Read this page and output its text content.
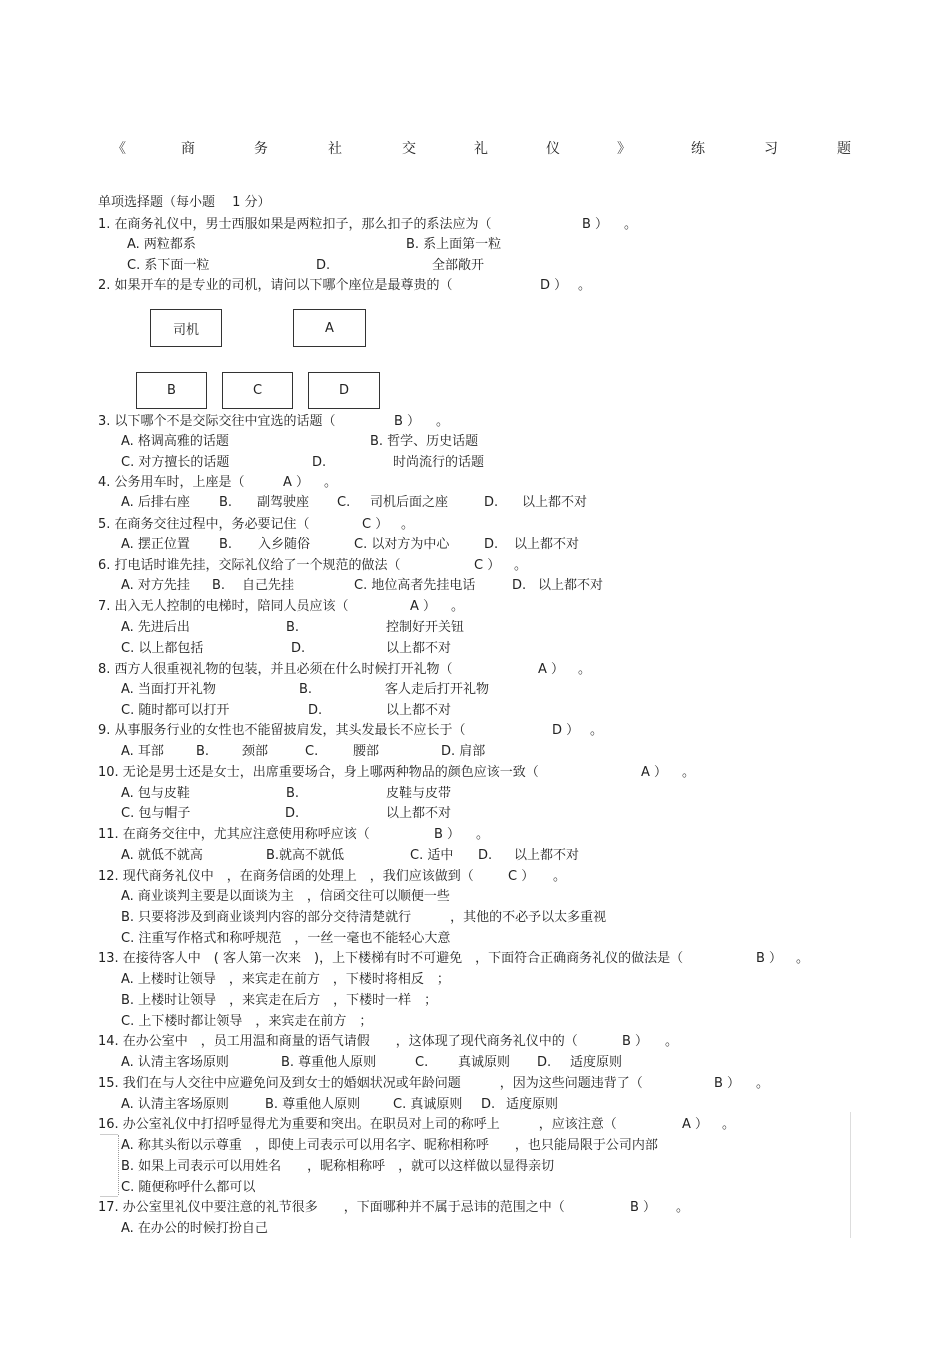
《	商	务	社	交	礼	仪	》	练	习	题
单项选择题（每小题　 1 分）
司机	A
B	C	D
1. 在商务礼仪中，男士西服如果是两粒扣子，那么扣子的系法应为（	B ） 。
A. 两粒都系	B. 系上面第一粒
C. 系下面一粒	D.	全部敞开
2. 如果开车的是专业的司机，请问以下哪个座位是最尊贵的（	D ） 。
3. 以下哪个不是交际交往中宜选的话题（	B ） 。
A. 格调高雅的话题	B. 哲学、历史话题
C. 对方擅长的话题	D.	时尚流行的话题
4. 公务用车时，上座是（	A ） 。
A. 后排右座 B. 副驾驶座 C. 司机后面之座	D. 以上都不对
5. 在商务交往过程中，务必要记住（	C ） 。
A. 摆正位置 B. 入乡随俗	C. 以对方为中心	D. 以上都不对
6. 打电话时谁先挂，交际礼仪给了一个规范的做法（	C ） 。
A. 对方先挂 B. 自己先挂	C. 地位高者先挂电话	D. 以上都不对
7. 出入无人控制的电梯时，陪同人员应该（	A ） 。
A. 先进后出	B.	控制好开关钮
C. 以上都包括	D.	以上都不对
8. 西方人很重视礼物的包装，并且必须在什么时候打开礼物（	A ） 。
A. 当面打开礼物	B.	客人走后打开礼物
C. 随时都可以打开	D.	以上都不对
9. 从事服务行业的女性也不能留披肩发，其头发最长不应长于（	D ） 。
A. 耳部 B.	颈部	C.	腰部	D. 肩部
10. 无论是男士还是女士，出席重要场合，身上哪两种物品的颜色应该一致（	A ） 。
A. 包与皮鞋	B.	皮鞋与皮带
C. 包与帽子	D.	以上都不对
11. 在商务交往中，尤其应注意使用称呼应该（	B ） 。
A. 就低不就高	B.就高不就低	C. 适中 D. 以上都不对
12. 现代商务礼仪中　，在商务信函的处理上　，我们应该做到（	C ） 。
A. 商业谈判主要是以面谈为主　，信函交往可以顺便一些
B. 只要将涉及到商业谈判内容的部分交待清楚就行　　　，其他的不必予以太多重视
C. 注重写作格式和称呼规范　，一丝一毫也不能轻心大意
13. 在接待客人中　( 客人第一次来　)，上下楼梯有时不可避免　，下面符合正确商务礼仪的做法是（	B ） 。
A. 上楼时让领导　，来宾走在前方　，下楼时将相反　；
B. 上楼时让领导　，来宾走在后方　，下楼时一样　；
C. 上下楼时都让领导　，来宾走在前方　；
14. 在办公室中　，员工用温和商量的语气请假　　，这体现了现代商务礼仪中的（	B ） 。
A. 认清主客场原则	B. 尊重他人原则	C. 真诚原则 D. 适度原则
15. 我们在与人交往中应避免问及到女士的婚姻状况或年龄问题　　　，因为这些问题违背了（	B ） 。
A. 认清主客场原则	B. 尊重他人原则	C. 真诚原则 D. 适度原则
16. 办公室礼仪中打招呼显得尤为重要和突出。在职员对上司的称呼上　　　，应该注意（	A ） 。
A. 称其头衔以示尊重　，即使上司表示可以用名字、昵称相称呼　　，也只能局限于公司内部
B. 如果上司表示可以用姓名　　，昵称相称呼　，就可以这样做以显得亲切
C. 随便称呼什么都可以
17. 办公室里礼仪中要注意的礼节很多　　，下面哪种并不属于忌讳的范围之中（	B ） 。
A. 在办公的时候打扮自己
